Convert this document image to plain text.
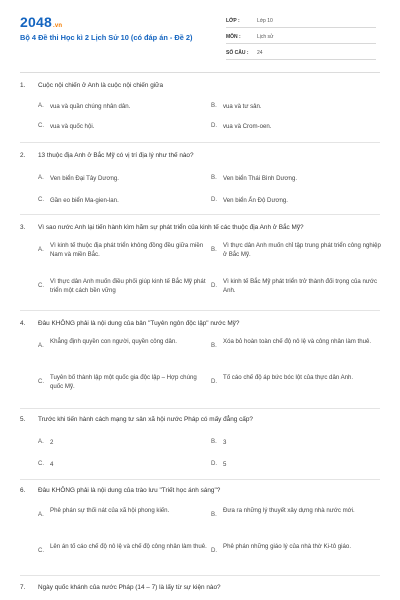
2048.vn
Bộ 4 Đề thi Học kì 2 Lịch Sử 10 (có đáp án - Đề 2)
LỚP :	Lớp 10
MÔN :	Lịch sử
SỐ CÂU :	24
1. Cuộc nội chiến ở Anh là cuộc nội chiến giữa
A.	vua và quần chúng nhân dân.	B.	vua và tư sản.
C. vua và quốc hội.	D. vua và Crom-oen.
2. 13 thuộc địa Anh ở Bắc Mỹ có vị trí địa lý như thế nào?
A.	Ven biển Đại Tây Dương.	B.	Ven biển Thái Bình Dương.
C. Gần eo biển Ma-gien-lan.	D. Ven biển Ấn Độ Dương.
3. Vì sao nước Anh lại tiến hành kìm hãm sự phát triển của kinh tế các thuộc địa Anh ở Bắc Mỹ?
A.	Vì kinh tế thuộc địa phát triển không đồng đều giữa miền Nam và miền Bắc.
B.	Vì thực dân Anh muốn chỉ tập trung phát triển công nghiệp ở Bắc Mỹ.
C. Vì thực dân Anh muốn điều phối giúp kinh tế Bắc Mỹ phát triển một cách bền vững
D. Vì kinh tế Bắc Mỹ phát triển trở thành đối trọng của nước Anh.
4. Đâu KHÔNG phải là nội dung của bản "Tuyên ngôn độc lập" nước Mỹ?
A.	Khẳng định quyền con người, quyền công dân.	B.	Xóa bỏ hoàn toàn chế độ nô lệ và công nhân làm thuê.
C. Tuyên bố thành lập một quốc gia độc lập – Hợp chúng quốc Mỹ.
D. Tố cáo chế độ áp bức bóc lột của thực dân Anh.
5. Trước khi tiến hành cách mạng tư sản xã hội nước Pháp có mấy đẳng cấp?
A.	2	B.	3
C. 4	D. 5
6. Đâu KHÔNG phải là nội dung của trào lưu "Triết học ánh sáng"?
A.	Phê phán sự thối nát của xã hội phong kiến.	B.	Đưa ra những lý thuyết xây dựng nhà nước mới.
C. Lên án tố cáo chế độ nô lệ và chế độ công nhân làm thuê. D. Phê phán những giáo lý của nhà thờ Ki-tô giáo.
7. Ngày quốc khánh của nước Pháp (14 – 7) là lấy từ sự kiện nào?
